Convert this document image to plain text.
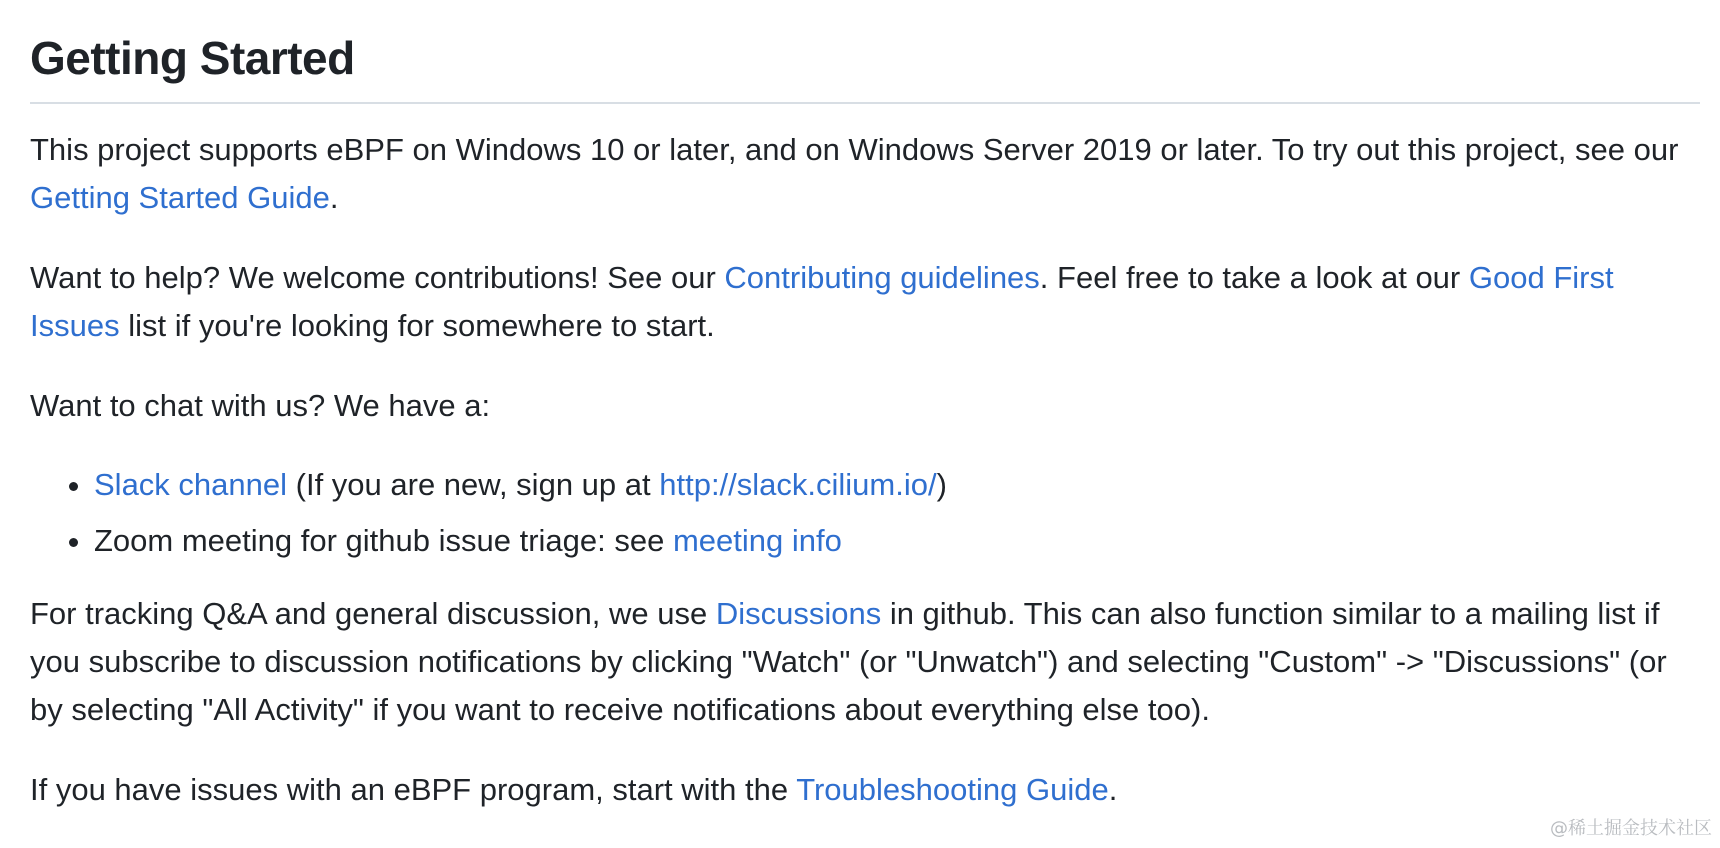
Getting Started

This project supports eBPF on Windows 10 or later, and on Windows Server 2019 or later. To try out this project, see our Getting Started Guide.

Want to help? We welcome contributions! See our Contributing guidelines. Feel free to take a look at our Good First Issues list if you're looking for somewhere to start.

Want to chat with us? We have a:

• Slack channel (If you are new, sign up at http://slack.cilium.io/)
• Zoom meeting for github issue triage: see meeting info

For tracking Q&A and general discussion, we use Discussions in github. This can also function similar to a mailing list if you subscribe to discussion notifications by clicking "Watch" (or "Unwatch") and selecting "Custom" -> "Discussions" (or by selecting "All Activity" if you want to receive notifications about everything else too).

If you have issues with an eBPF program, start with the Troubleshooting Guide.

@稀土掘金技术社区
